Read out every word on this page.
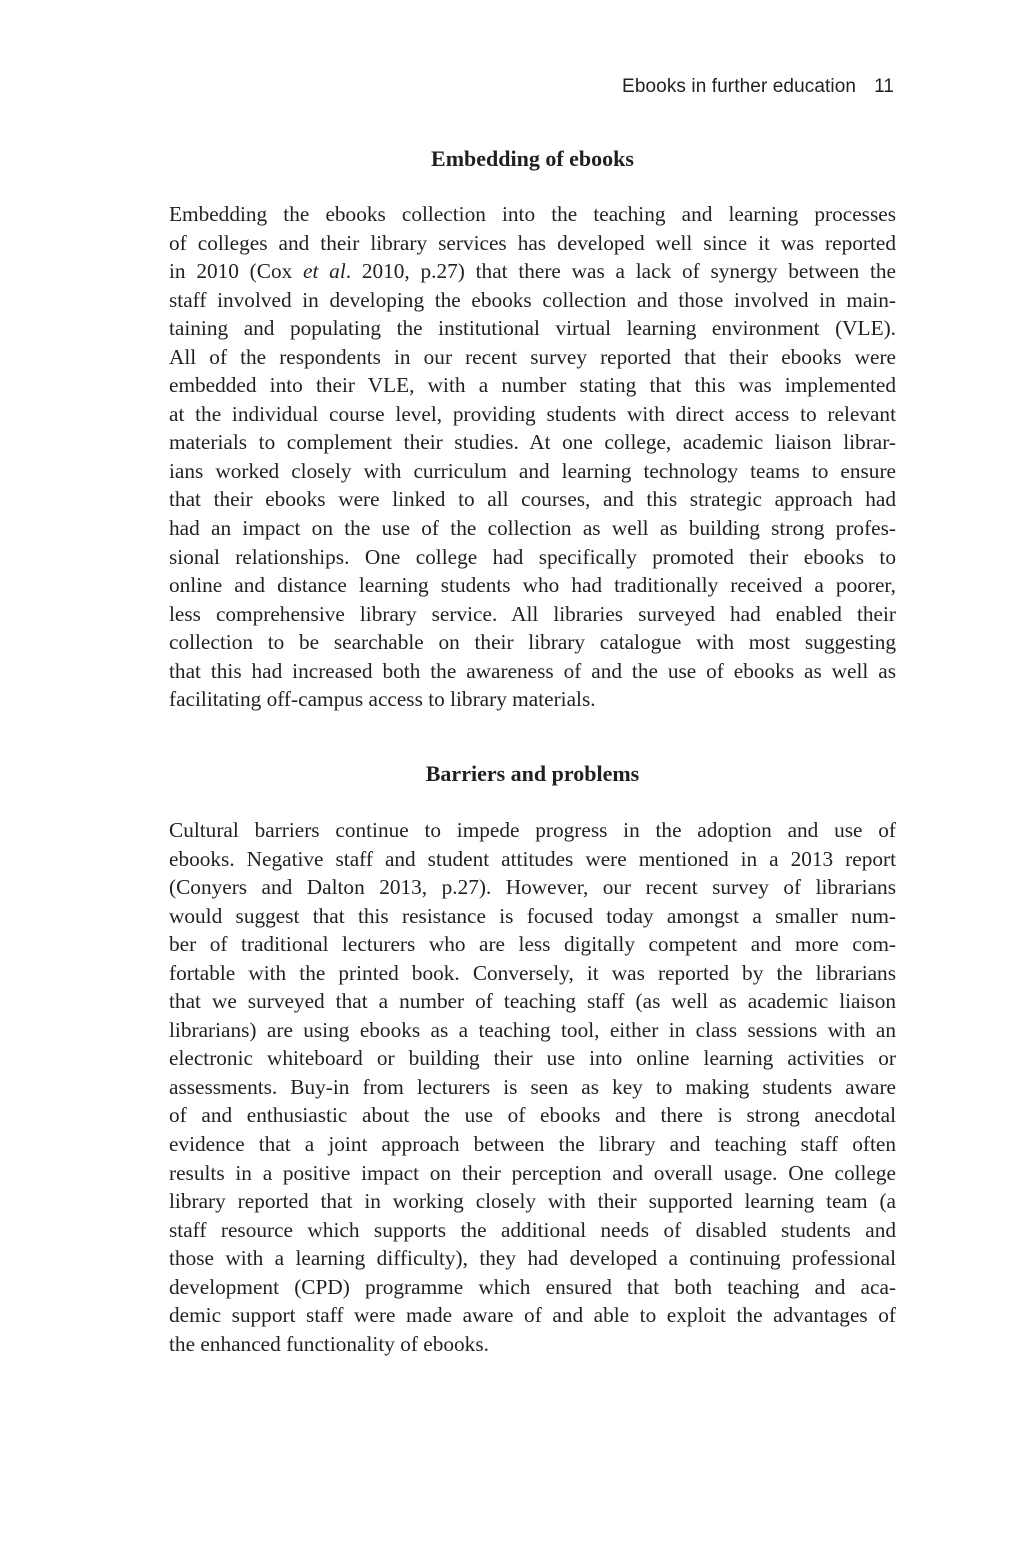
Ebooks in further education 11
Embedding of ebooks
Embedding the ebooks collection into the teaching and learning processes
of colleges and their library services has developed well since it was reported
in 2010 (Cox et al. 2010, p.27) that there was a lack of synergy between the
staff involved in developing the ebooks collection and those involved in main-
taining and populating the institutional virtual learning environment (VLE).
All of the respondents in our recent survey reported that their ebooks were
embedded into their VLE, with a number stating that this was implemented
at the individual course level, providing students with direct access to relevant
materials to complement their studies. At one college, academic liaison librar-
ians worked closely with curriculum and learning technology teams to ensure
that their ebooks were linked to all courses, and this strategic approach had
had an impact on the use of the collection as well as building strong profes-
sional relationships. One college had specifically promoted their ebooks to
online and distance learning students who had traditionally received a poorer,
less comprehensive library service. All libraries surveyed had enabled their
collection to be searchable on their library catalogue with most suggesting
that this had increased both the awareness of and the use of ebooks as well as
facilitating off-campus access to library materials.
Barriers and problems
Cultural barriers continue to impede progress in the adoption and use of
ebooks. Negative staff and student attitudes were mentioned in a 2013 report
(Conyers and Dalton 2013, p.27). However, our recent survey of librarians
would suggest that this resistance is focused today amongst a smaller num-
ber of traditional lecturers who are less digitally competent and more com-
fortable with the printed book. Conversely, it was reported by the librarians
that we surveyed that a number of teaching staff (as well as academic liaison
librarians) are using ebooks as a teaching tool, either in class sessions with an
electronic whiteboard or building their use into online learning activities or
assessments. Buy-in from lecturers is seen as key to making students aware
of and enthusiastic about the use of ebooks and there is strong anecdotal
evidence that a joint approach between the library and teaching staff often
results in a positive impact on their perception and overall usage. One college
library reported that in working closely with their supported learning team (a
staff resource which supports the additional needs of disabled students and
those with a learning difficulty), they had developed a continuing professional
development (CPD) programme which ensured that both teaching and aca-
demic support staff were made aware of and able to exploit the advantages of
the enhanced functionality of ebooks.
